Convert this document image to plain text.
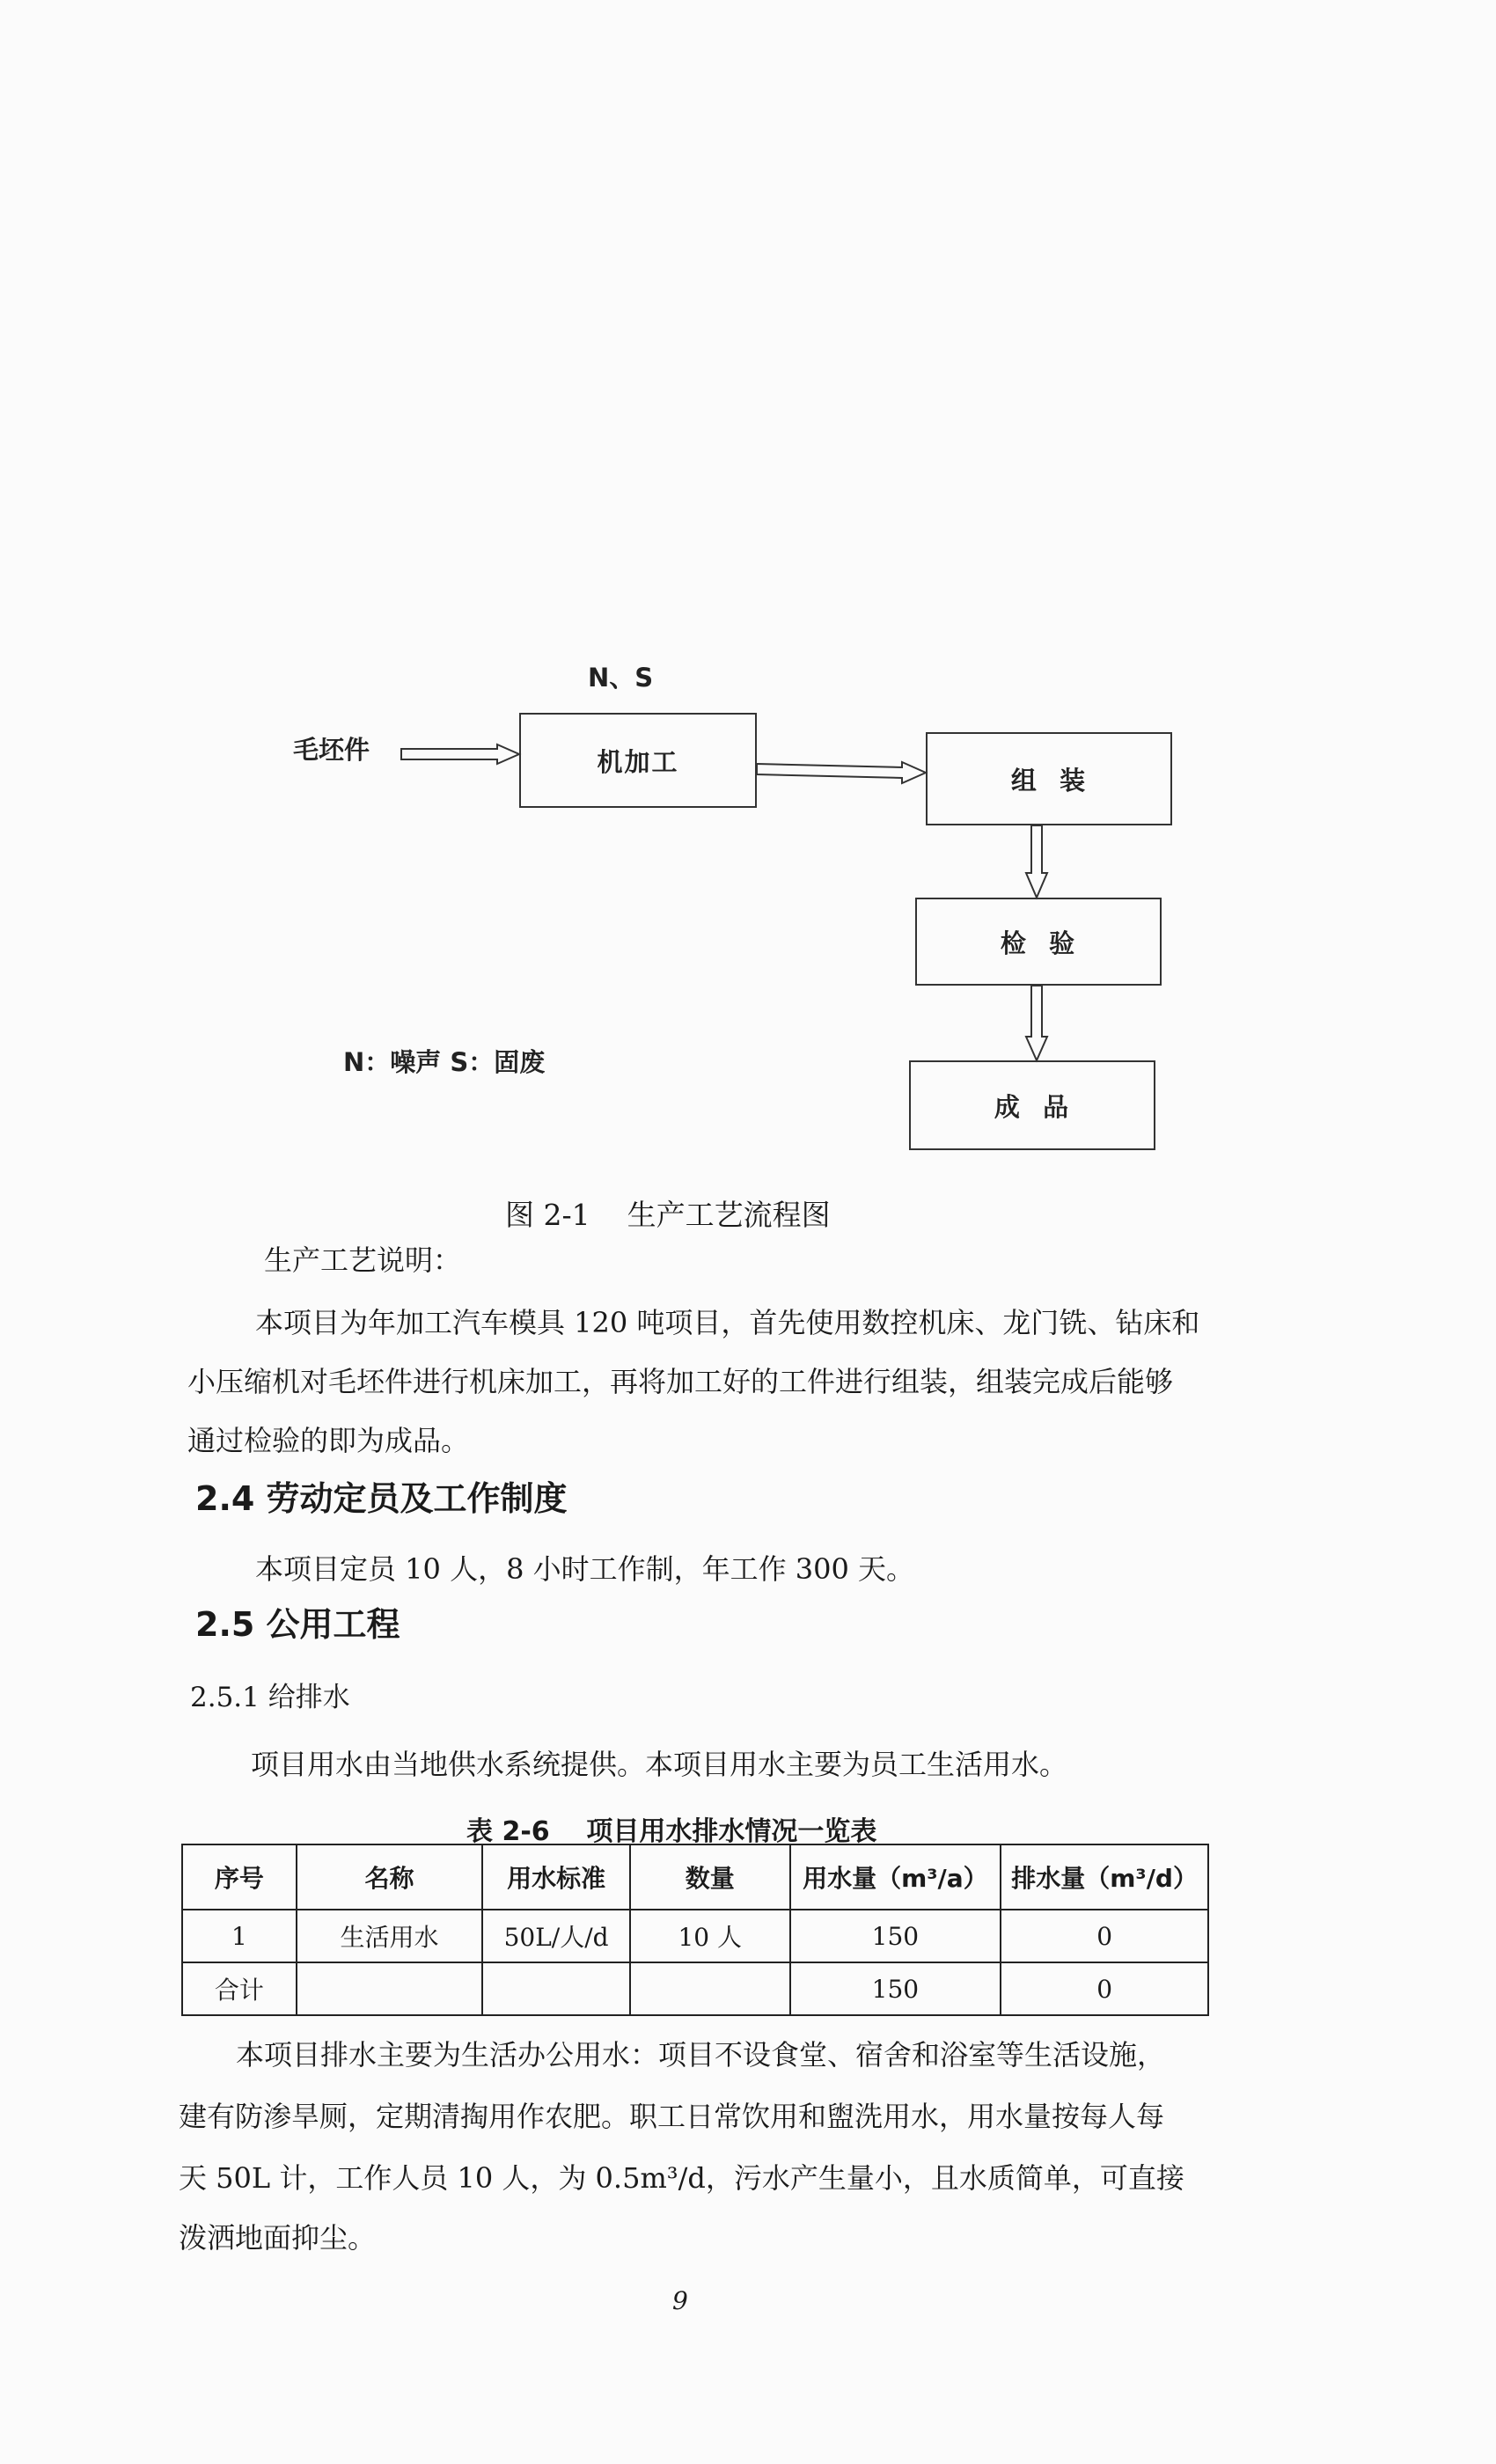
N、S
毛坯件	机加工
组  装
检  验
成  品
N：噪声 S：固废
图 2-1    生产工艺流程图
生产工艺说明：
本项目为年加工汽车模具 120 吨项目，首先使用数控机床、龙门铣、钻床和
小压缩机对毛坯件进行机床加工，再将加工好的工件进行组装，组装完成后能够
通过检验的即为成品。
2.4 劳动定员及工作制度
本项目定员 10 人，8 小时工作制，年工作 300 天。
2.5 公用工程
2.5.1 给排水
项目用水由当地供水系统提供。本项目用水主要为员工生活用水。
表 2-6    项目用水排水情况一览表
序号	名称	用水标准	数量	用水量（m³/a）	排水量（m³/d）
1	生活用水	50L/人/d	10 人	150	0
合计				150	0
本项目排水主要为生活办公用水：项目不设食堂、宿舍和浴室等生活设施，
建有防渗旱厕，定期清掏用作农肥。职工日常饮用和盥洗用水，用水量按每人每
天 50L 计，工作人员 10 人，为 0.5m³/d，污水产生量小，且水质简单，可直接
泼洒地面抑尘。
9
